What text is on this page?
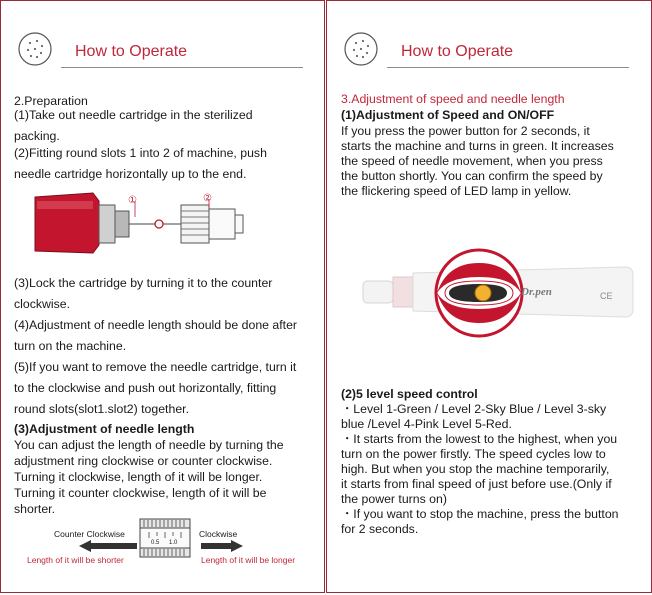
How to Operate
2.Preparation
(1)Take out needle cartridge in the sterilized
packing.
(2)Fitting round slots 1 into 2 of machine, push
needle cartridge horizontally up to the end.
①	②
(3)Lock the cartridge by turning it to the counter
clockwise.
(4)Adjustment of needle length should be done after
turn on the machine.
(5)If you want to remove the needle cartridge, turn it
to the clockwise and push out horizontally, fitting
round slots(slot1.slot2) together.
(3)Adjustment of needle length
You can adjust the length of needle by turning the
adjustment ring clockwise or counter clockwise.
Turning it clockwise, length of it will be longer.
Turning it counter clockwise, length of it will be
shorter.
Counter Clockwise	Clockwise
0.5 1.0
Length of it will be shorter	Length of it will be longer
How to Operate
3.Adjustment of speed and needle length
(1)Adjustment of Speed and ON/OFF
If you press the power button for 2 seconds, it
starts the machine and turns in green. It increases
the speed of needle movement, when you press
the button shortly. You can confirm the speed by
the flickering speed of LED lamp in yellow.
Dr.pen	CE
(2)5 level speed control
・Level 1-Green / Level 2-Sky Blue / Level 3-sky
blue /Level 4-Pink Level 5-Red.
・It starts from the lowest to the highest, when you
turn on the power firstly. The speed cycles low to
high. But when you stop the machine temporarily,
it starts from final speed of just before use.(Only if
the power turns on)
・If you want to stop the machine, press the button
for 2 seconds.
